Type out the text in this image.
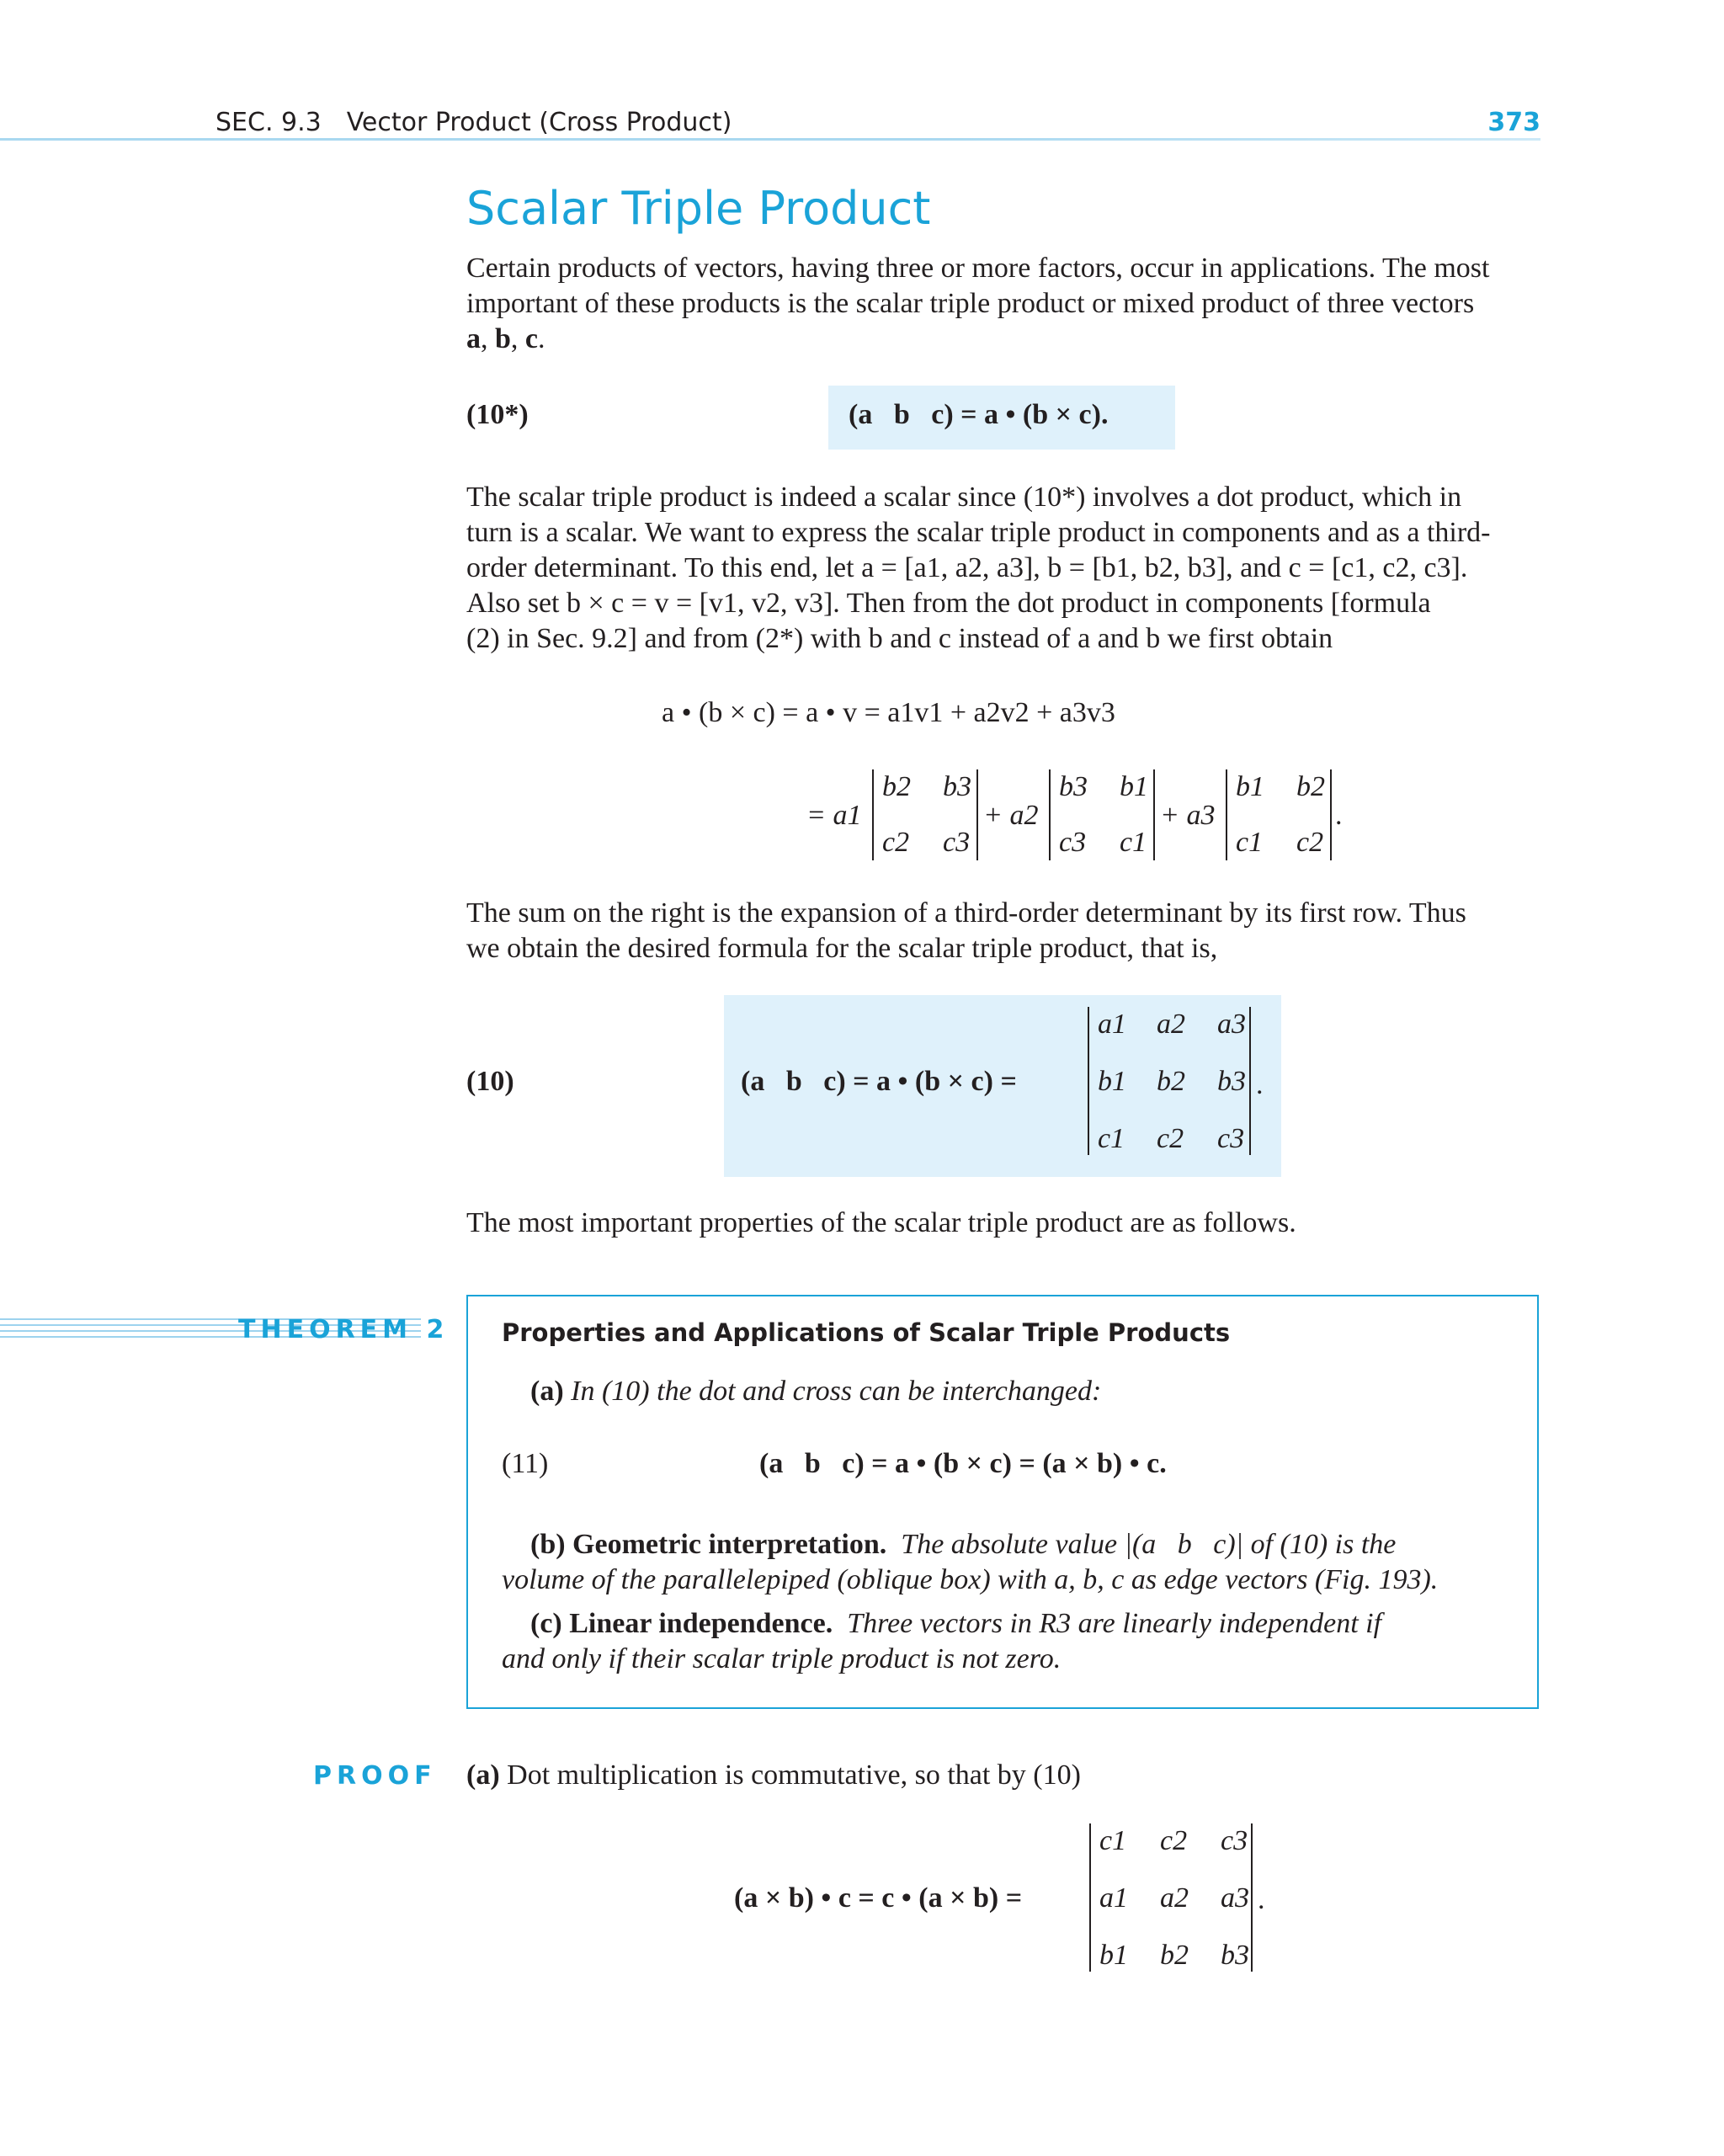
SEC. 9.3 Vector Product (Cross Product)	373
Scalar Triple Product
Certain products of vectors, having three or more factors, occur in applications. The most
important of these products is the scalar triple product or mixed product of three vectors
a, b, c.
(10*)	(a   b   c) = a • (b × c).
The scalar triple product is indeed a scalar since (10*) involves a dot product, which in
turn is a scalar. We want to express the scalar triple product in components and as a third-
order determinant. To this end, let a = [a1, a2, a3], b = [b1, b2, b3], and c = [c1, c2, c3].
Also set b × c = v = [v1, v2, v3]. Then from the dot product in components [formula
(2) in Sec. 9.2] and from (2*) with b and c instead of a and b we first obtain
a • (b × c) = a • v = a1v1 + a2v2 + a3v3
= a1
b2 b3
c2 c3
+ a2
b3 b1
c3 c1
+ a3
b1 b2
c1 c2
.
The sum on the right is the expansion of a third-order determinant by its first row. Thus
we obtain the desired formula for the scalar triple product, that is,
(10)	(a   b   c) = a • (b × c) =
a1 a2 a3
b1 b2 b3
c1 c2 c3
.
The most important properties of the scalar triple product are as follows.
THEOREM 2 Properties and Applications of Scalar Triple Products
(a) In (10) the dot and cross can be interchanged:
(11)	(a   b   c) = a • (b × c) = (a × b) • c.
(b) Geometric interpretation. The absolute value |(a   b   c)| of (10) is the
volume of the parallelepiped (oblique box) with a, b, c as edge vectors (Fig. 193).
(c) Linear independence. Three vectors in R3 are linearly independent if
and only if their scalar triple product is not zero.
PROOF (a) Dot multiplication is commutative, so that by (10)
(a × b) • c = c • (a × b) =
c1 c2 c3
a1 a2 a3
b1 b2 b3
.
